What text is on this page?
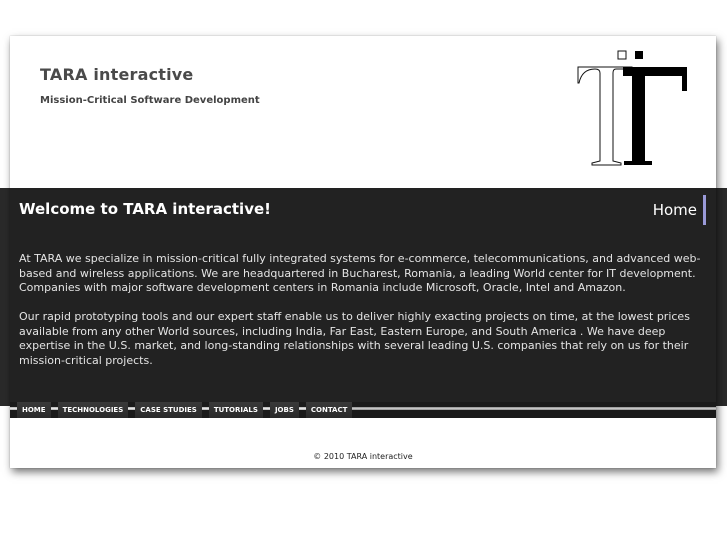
TARA interactive
Mission-Critical Software Development
Welcome to TARA interactive!	Home

At TARA we specialize in mission-critical fully integrated systems for e-commerce, telecommunications, and advanced web-based and wireless applications. We are headquartered in Bucharest, Romania, a leading World center for IT development. Companies with major software development centers in Romania include Microsoft, Oracle, Intel and Amazon.

Our rapid prototyping tools and our expert staff enable us to deliver highly exacting projects on time, at the lowest prices available from any other World sources, including India, Far East, Eastern Europe, and South America . We have deep expertise in the U.S. market, and long-standing relationships with several leading U.S. companies that rely on us for their mission-critical projects.

HOME	TECHNOLOGIES	CASE STUDIES	TUTORIALS	JOBS	CONTACT
© 2010 TARA interactive
